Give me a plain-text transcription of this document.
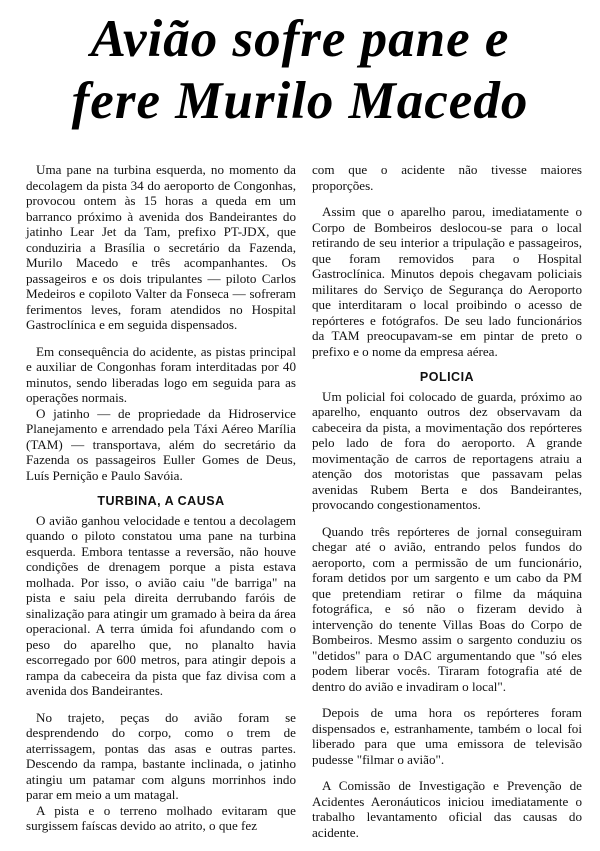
Avião sofre pane e
fere Murilo Macedo

Uma pane na turbina esquerda, no momento da decolagem da pista 34 do aeroporto de Congonhas, provocou ontem às 15 horas a queda em um barranco próximo à avenida dos Bandeirantes do jatinho Lear Jet da Tam, prefixo PT-JDX, que conduziria a Brasília o secretário da Fazenda, Murilo Macedo e três acompanhantes. Os passageiros e os dois tripulantes — piloto Carlos Medeiros e copiloto Valter da Fonseca — sofreram ferimentos leves, foram atendidos no Hospital Gastroclínica e em seguida dispensados.

Em consequência do acidente, as pistas principal e auxiliar de Congonhas foram interditadas por 40 minutos, sendo liberadas logo em seguida para as operações normais.

O jatinho — de propriedade da Hidroservice Planejamento e arrendado pela Táxi Aéreo Marília (TAM) — transportava, além do secretário da Fazenda os passageiros Euller Gomes de Deus, Luís Pernição e Paulo Savóia.

TURBINA, A CAUSA

O avião ganhou velocidade e tentou a decolagem quando o piloto constatou uma pane na turbina esquerda. Embora tentasse a reversão, não houve condições de drenagem porque a pista estava molhada. Por isso, o avião caiu "de barriga" na pista e saiu pela direita derrubando faróis de sinalização para atingir um gramado à beira da área operacional. A terra úmida foi afundando com o peso do aparelho que, no planalto havia escorregado por 600 metros, para atingir depois a rampa da cabeceira da pista que faz divisa com a avenida dos Bandeirantes.

No trajeto, peças do avião foram se desprendendo do corpo, como o trem de aterrissagem, pontas das asas e outras partes. Descendo da rampa, bastante inclinada, o jatinho atingiu um patamar com alguns morrinhos indo parar em meio a um matagal.

A pista e o terreno molhado evitaram que surgissem faíscas devido ao atrito, o que fez

com que o acidente não tivesse maiores proporções.

Assim que o aparelho parou, imediatamente o Corpo de Bombeiros deslocou-se para o local retirando de seu interior a tripulação e passageiros, que foram removidos para o Hospital Gastroclínica. Minutos depois chegavam policiais militares do Serviço de Segurança do Aeroporto que interditaram o local proibindo o acesso de repórteres e fotógrafos. De seu lado funcionários da TAM preocupavam-se em pintar de preto o prefixo e o nome da empresa aérea.

POLICIA

Um policial foi colocado de guarda, próximo ao aparelho, enquanto outros dez observavam da cabeceira da pista, a movimentação dos repórteres pelo lado de fora do aeroporto. A grande movimentação de carros de reportagens atraiu a atenção dos motoristas que passavam pelas avenidas Rubem Berta e dos Bandeirantes, provocando congestionamentos.

Quando três repórteres de jornal conseguiram chegar até o avião, entrando pelos fundos do aeroporto, com a permissão de um funcionário, foram detidos por um sargento e um cabo da PM que pretendiam retirar o filme da máquina fotográfica, e só não o fizeram devido à intervenção do tenente Villas Boas do Corpo de Bombeiros. Mesmo assim o sargento conduziu os "detidos" para o DAC argumentando que "só eles podem liberar vocês. Tiraram fotografia até de dentro do avião e invadiram o local".

Depois de uma hora os repórteres foram dispensados e, estranhamente, também o local foi liberado para que uma emissora de televisão pudesse "filmar o avião".

A Comissão de Investigação e Prevenção de Acidentes Aeronáuticos iniciou imediatamente o trabalho levantamento oficial das causas do acidente.
